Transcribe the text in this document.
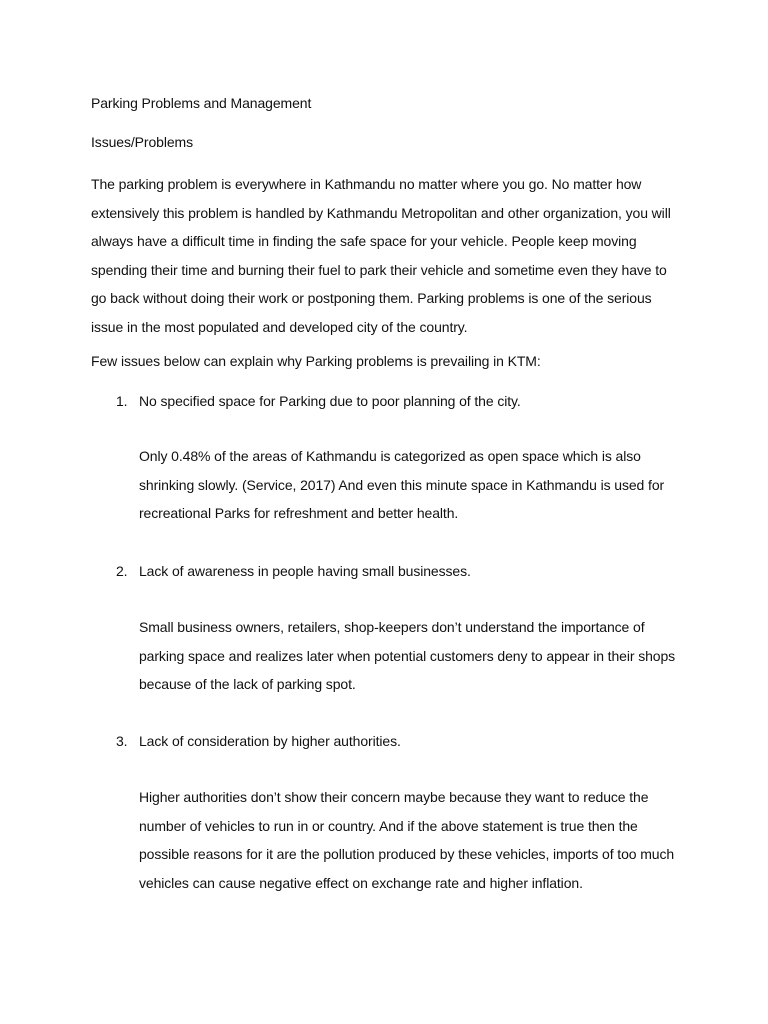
Parking Problems and Management
Issues/Problems

The parking problem is everywhere in Kathmandu no matter where you go. No matter how extensively this problem is handled by Kathmandu Metropolitan and other organization, you will always have a difficult time in finding the safe space for your vehicle. People keep moving spending their time and burning their fuel to park their vehicle and sometime even they have to go back without doing their work or postponing them. Parking problems is one of the serious issue in the most populated and developed city of the country.

Few issues below can explain why Parking problems is prevailing in KTM:

1. No specified space for Parking due to poor planning of the city.

Only 0.48% of the areas of Kathmandu is categorized as open space which is also shrinking slowly. (Service, 2017) And even this minute space in Kathmandu is used for recreational Parks for refreshment and better health.

2. Lack of awareness in people having small businesses.

Small business owners, retailers, shop-keepers don’t understand the importance of parking space and realizes later when potential customers deny to appear in their shops because of the lack of parking spot.

3. Lack of consideration by higher authorities.

Higher authorities don’t show their concern maybe because they want to reduce the number of vehicles to run in or country. And if the above statement is true then the possible reasons for it are the pollution produced by these vehicles, imports of too much vehicles can cause negative effect on exchange rate and higher inflation.
